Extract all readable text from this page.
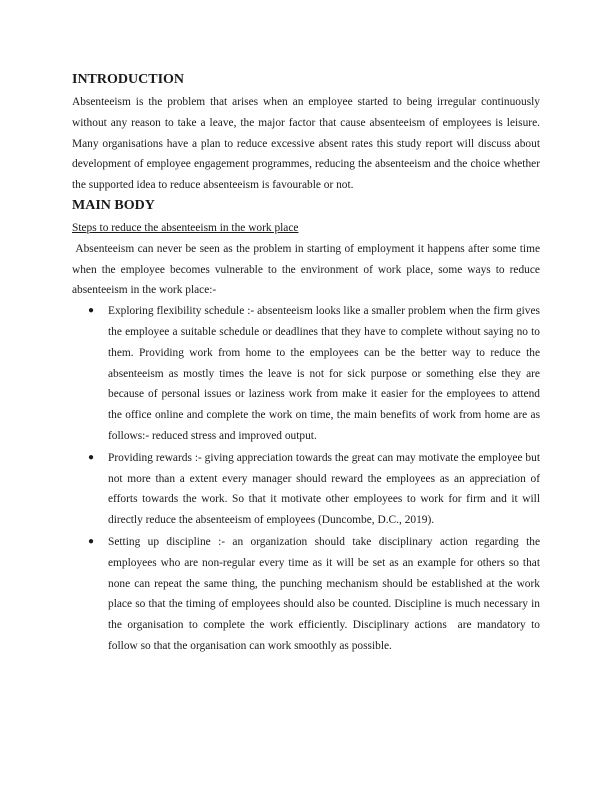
INTRODUCTION

Absenteeism is the problem that arises when an employee started to being irregular continuously without any reason to take a leave, the major factor that cause absenteeism of employees is leisure. Many organisations have a plan to reduce excessive absent rates this study report will discuss about development of employee engagement programmes, reducing the absenteeism and the choice whether the supported idea to reduce absenteeism is favourable or not.

MAIN BODY

Steps to reduce the absenteeism in the work place

Absenteeism can never be seen as the problem in starting of employment it happens after some time when the employee becomes vulnerable to the environment of work place, some ways to reduce absenteeism in the work place:-

● Exploring flexibility schedule :- absenteeism looks like a smaller problem when the firm gives the employee a suitable schedule or deadlines that they have to complete without saying no to them. Providing work from home to the employees can be the better way to reduce the absenteeism as mostly times the leave is not for sick purpose or something else they are because of personal issues or laziness work from make it easier for the employees to attend the office online and complete the work on time, the main benefits of work from home are as follows:- reduced stress and improved output.
● Providing rewards :- giving appreciation towards the great can may motivate the employee but not more than a extent every manager should reward the employees as an appreciation of efforts towards the work. So that it motivate other employees to work for firm and it will directly reduce the absenteeism of employees (Duncombe, D.C., 2019).
● Setting up discipline :- an organization should take disciplinary action regarding the employees who are non-regular every time as it will be set as an example for others so that none can repeat the same thing, the punching mechanism should be established at the work place so that the timing of employees should also be counted. Discipline is much necessary in the organisation to complete the work efficiently. Disciplinary actions  are mandatory to follow so that the organisation can work smoothly as possible.
